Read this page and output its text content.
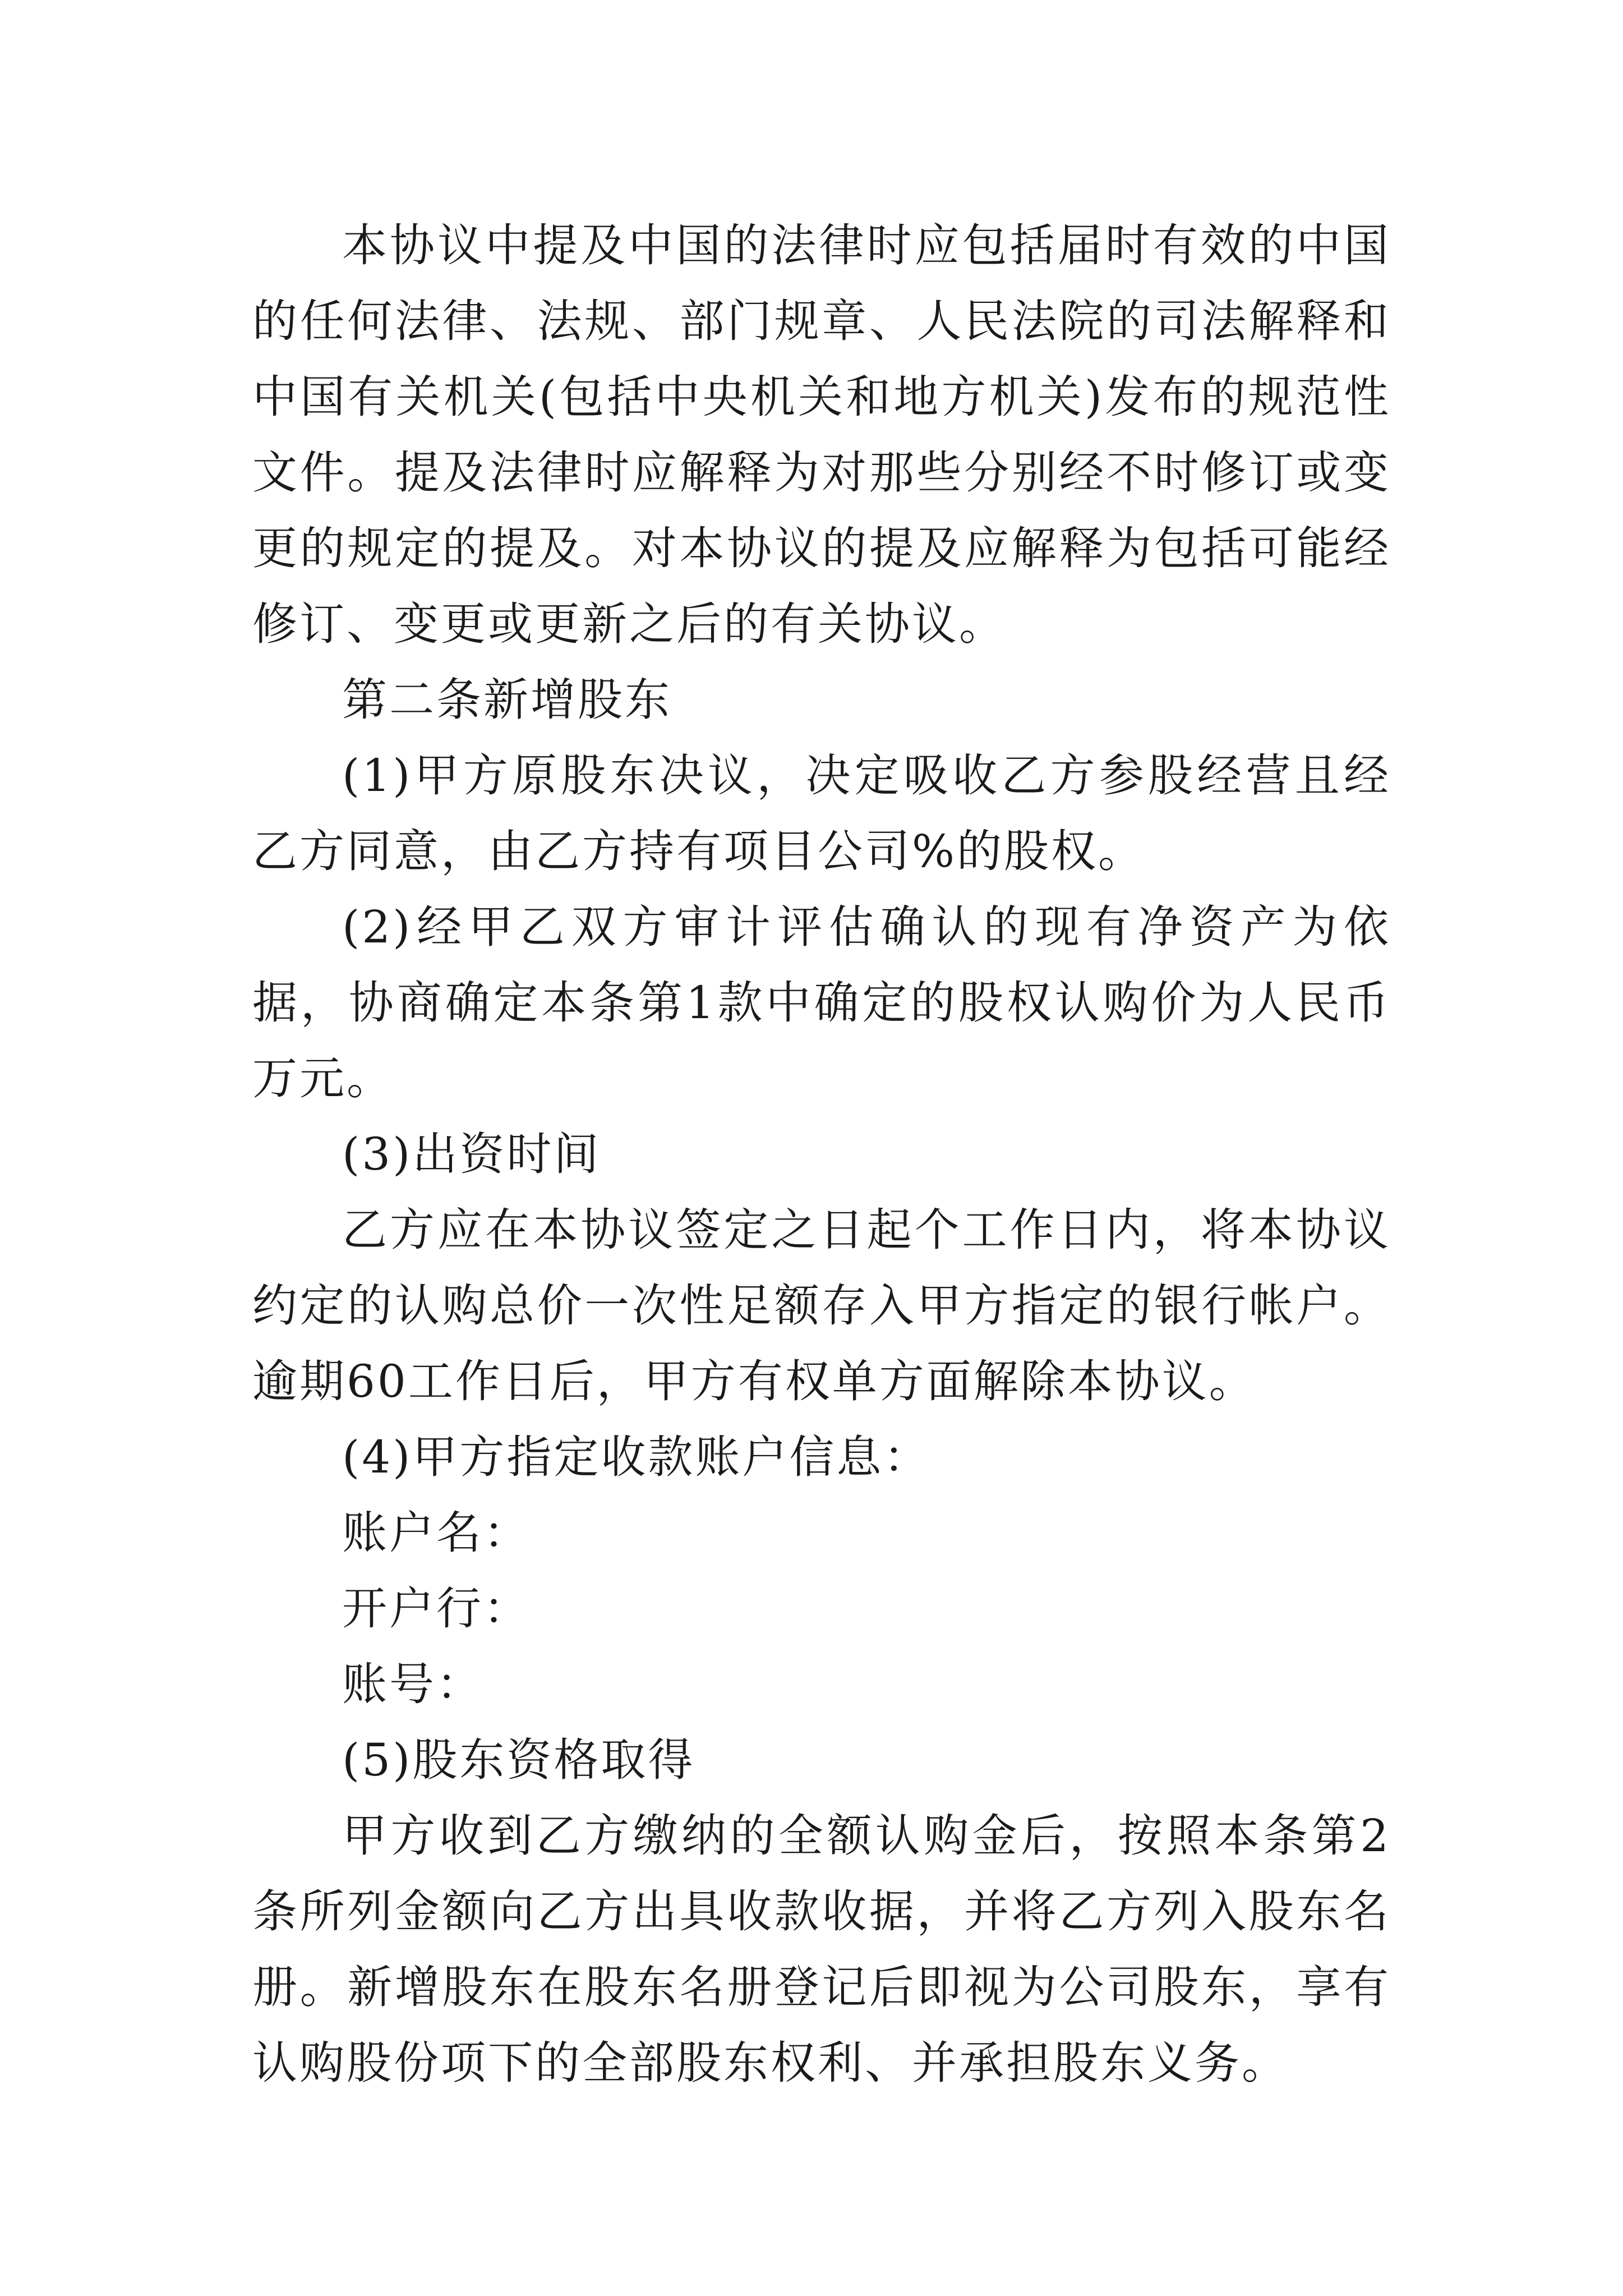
本协议中提及中国的法律时应包括届时有效的中国的任何法律、法规、部门规章、人民法院的司法解释和中国有关机关(包括中央机关和地方机关)发布的规范性文件。提及法律时应解释为对那些分别经不时修订或变更的规定的提及。对本协议的提及应解释为包括可能经修订、变更或更新之后的有关协议。

第二条新增股东

(1)甲方原股东决议，决定吸收乙方参股经营且经乙方同意，由乙方持有项目公司%的股权。

(2)经甲乙双方审计评估确认的现有净资产为依据，协商确定本条第1款中确定的股权认购价为人民币万元。

(3)出资时间

乙方应在本协议签定之日起个工作日内，将本协议约定的认购总价一次性足额存入甲方指定的银行帐户。逾期60工作日后，甲方有权单方面解除本协议。

(4)甲方指定收款账户信息：

账户名：

开户行：

账号：

(5)股东资格取得

甲方收到乙方缴纳的全额认购金后，按照本条第2条所列金额向乙方出具收款收据，并将乙方列入股东名册。新增股东在股东名册登记后即视为公司股东，享有认购股份项下的全部股东权利、并承担股东义务。
